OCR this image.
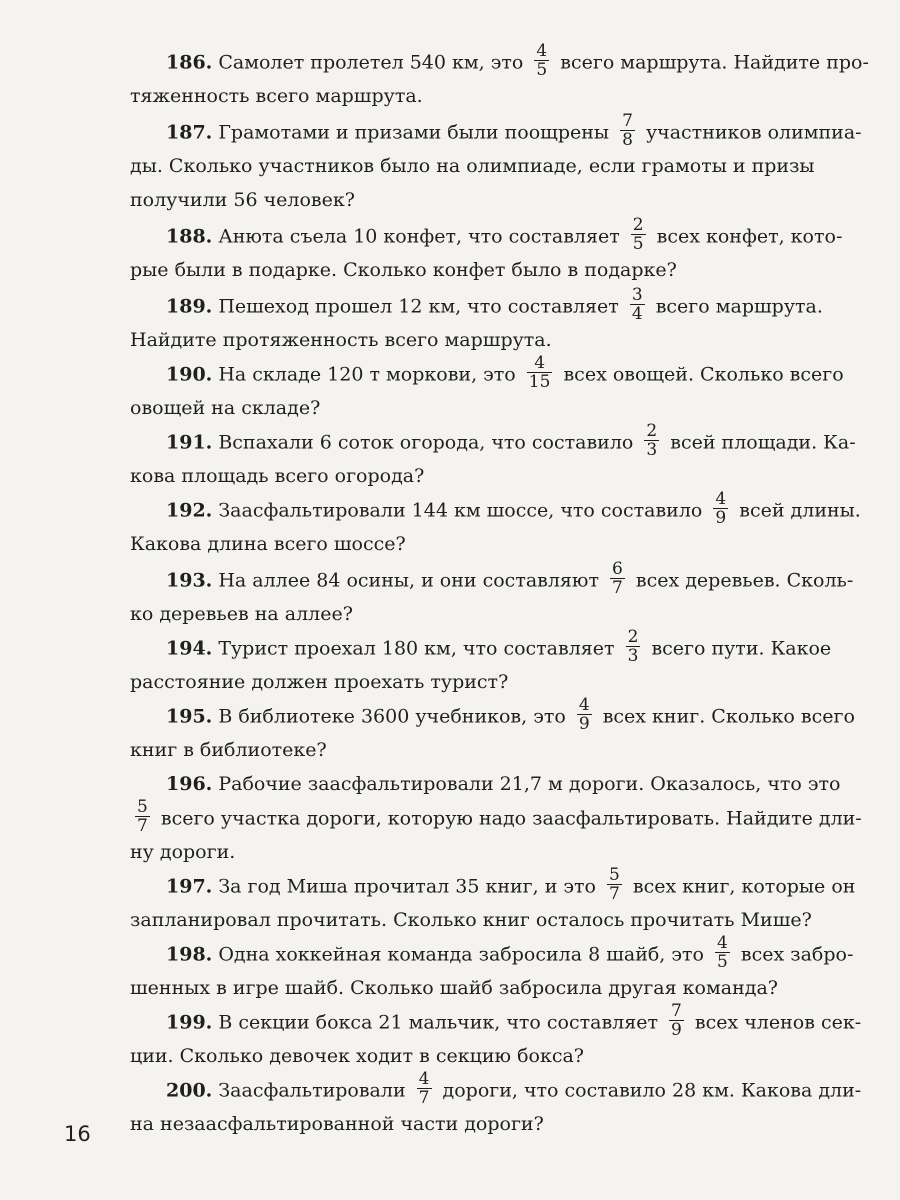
186. Самолет пролетел 540 км, это $\frac{4}{5}$ всего маршрута. Найдите про-
тяженность всего маршрута.
187. Грамотами и призами были поощрены $\frac{7}{8}$ участников олимпиа-
ды. Сколько участников было на олимпиаде, если грамоты и призы
получили 56 человек?
188. Анюта съела 10 конфет, что составляет $\frac{2}{5}$ всех конфет, кото-
рые были в подарке. Сколько конфет было в подарке?
189. Пешеход прошел 12 км, что составляет $\frac{3}{4}$ всего маршрута.
Найдите протяженность всего маршрута.
190. На складе 120 т моркови, это $\frac{4}{15}$ всех овощей. Сколько всего
овощей на складе?
191. Вспахали 6 соток огорода, что составило $\frac{2}{3}$ всей площади. Ка-
кова площадь всего огорода?
192. Заасфальтировали 144 км шоссе, что составило $\frac{4}{9}$ всей длины.
Какова длина всего шоссе?
193. На аллее 84 осины, и они составляют $\frac{6}{7}$ всех деревьев. Сколь-
ко деревьев на аллее?
194. Турист проехал 180 км, что составляет $\frac{2}{3}$ всего пути. Какое
расстояние должен проехать турист?
195. В библиотеке 3600 учебников, это $\frac{4}{9}$ всех книг. Сколько всего
книг в библиотеке?
196. Рабочие заасфальтировали 21,7 м дороги. Оказалось, что это
$\frac{5}{7}$ всего участка дороги, которую надо заасфальтировать. Найдите дли-
ну дороги.
197. За год Миша прочитал 35 книг, и это $\frac{5}{7}$ всех книг, которые он
запланировал прочитать. Сколько книг осталось прочитать Мише?
198. Одна хоккейная команда забросила 8 шайб, это $\frac{4}{5}$ всех забро-
шенных в игре шайб. Сколько шайб забросила другая команда?
199. В секции бокса 21 мальчик, что составляет $\frac{7}{9}$ всех членов сек-
ции. Сколько девочек ходит в секцию бокса?
200. Заасфальтировали $\frac{4}{7}$ дороги, что составило 28 км. Какова дли-
на незаасфальтированной части дороги?
16
